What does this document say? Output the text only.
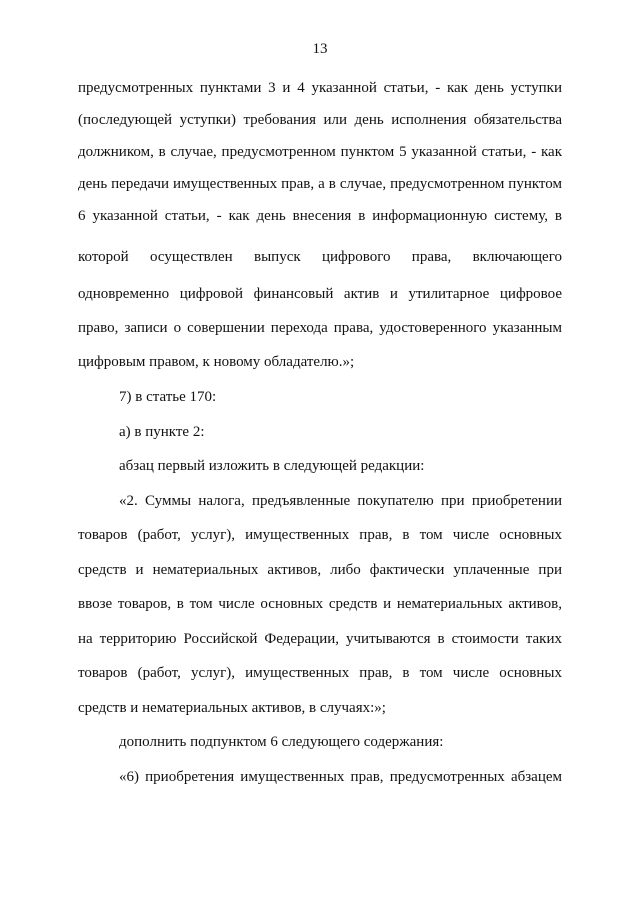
13
предусмотренных пунктами 3 и 4 указанной статьи, - как день уступки
(последующей уступки) требования или день исполнения обязательства
должником, в случае, предусмотренном пунктом 5 указанной статьи, - как
день передачи имущественных прав, а в случае, предусмотренном пунктом
6 указанной статьи, - как день внесения в информационную систему, в
которой осуществлен выпуск цифрового права, включающего
одновременно цифровой финансовый актив и утилитарное цифровое
право, записи о совершении перехода права, удостоверенного указанным
цифровым правом, к новому обладателю.»;
7) в статье 170:
а) в пункте 2:
абзац первый изложить в следующей редакции:
«2. Суммы налога, предъявленные покупателю при приобретении
товаров (работ, услуг), имущественных прав, в том числе основных
средств и нематериальных активов, либо фактически уплаченные при
ввозе товаров, в том числе основных средств и нематериальных активов,
на территорию Российской Федерации, учитываются в стоимости таких
товаров (работ, услуг), имущественных прав, в том числе основных
средств и нематериальных активов, в случаях:»;
дополнить подпунктом 6 следующего содержания:
«6) приобретения имущественных прав, предусмотренных абзацем
